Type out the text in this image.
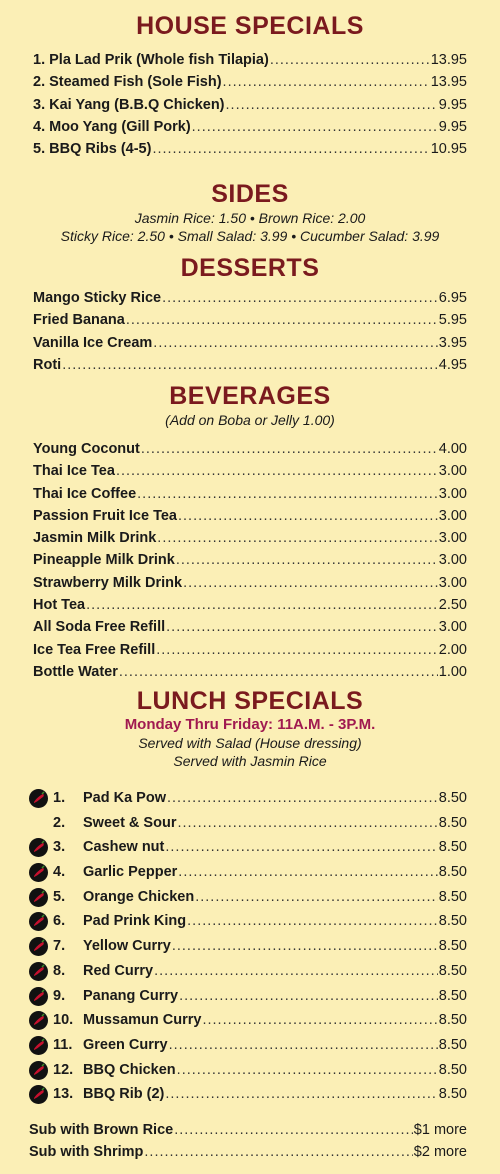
HOUSE SPECIALS
1. Pla Lad Prik (Whole fish Tilapia) .....	13.95
2. Steamed Fish (Sole Fish) .....	13.95
3. Kai Yang (B.B.Q Chicken) .....	9.95
4. Moo Yang (Gill Pork) .....	9.95
5. BBQ Ribs (4-5) .....	10.95
SIDES

Jasmin Rice: 1.50 • Brown Rice: 2.00

Sticky Rice: 2.50 • Small Salad: 3.99 • Cucumber Salad: 3.99

DESSERTS
Mango Sticky Rice .....	6.95
Fried Banana .....	5.95
Vanilla Ice Cream .....	3.95
Roti .....	4.95
BEVERAGES

(Add on Boba or Jelly 1.00)

Young Coconut .....	4.00
Thai Ice Tea .....	3.00
Thai Ice Coffee .....	3.00
Passion Fruit Ice Tea .....	3.00
Jasmin Milk Drink .....	3.00
Pineapple Milk Drink .....	3.00
Strawberry Milk Drink .....	3.00
Hot Tea .....	2.50
All Soda Free Refill .....	3.00
Ice Tea Free Refill .....	2.00
Bottle Water .....	1.00
LUNCH SPECIALS

Monday Thru Friday: 11A.M. - 3P.M.

Served with Salad (House dressing)

Served with Jasmin Rice

1.	Pad Ka Pow .....	8.50
2.	Sweet & Sour .....	8.50
3.	Cashew nut .....	8.50
4.	Garlic Pepper .....	8.50
5.	Orange Chicken .....	8.50
6.	Pad Prink King .....	8.50
7.	Yellow Curry .....	8.50
8.	Red Curry .....	8.50
9.	Panang Curry .....	8.50
10. Mussamun Curry .....	8.50
11. Green Curry .....	8.50
12. BBQ Chicken .....	8.50
13. BBQ Rib (2) .....	8.50
Sub with Brown Rice .....	$1 more
Sub with Shrimp .....	$2 more
